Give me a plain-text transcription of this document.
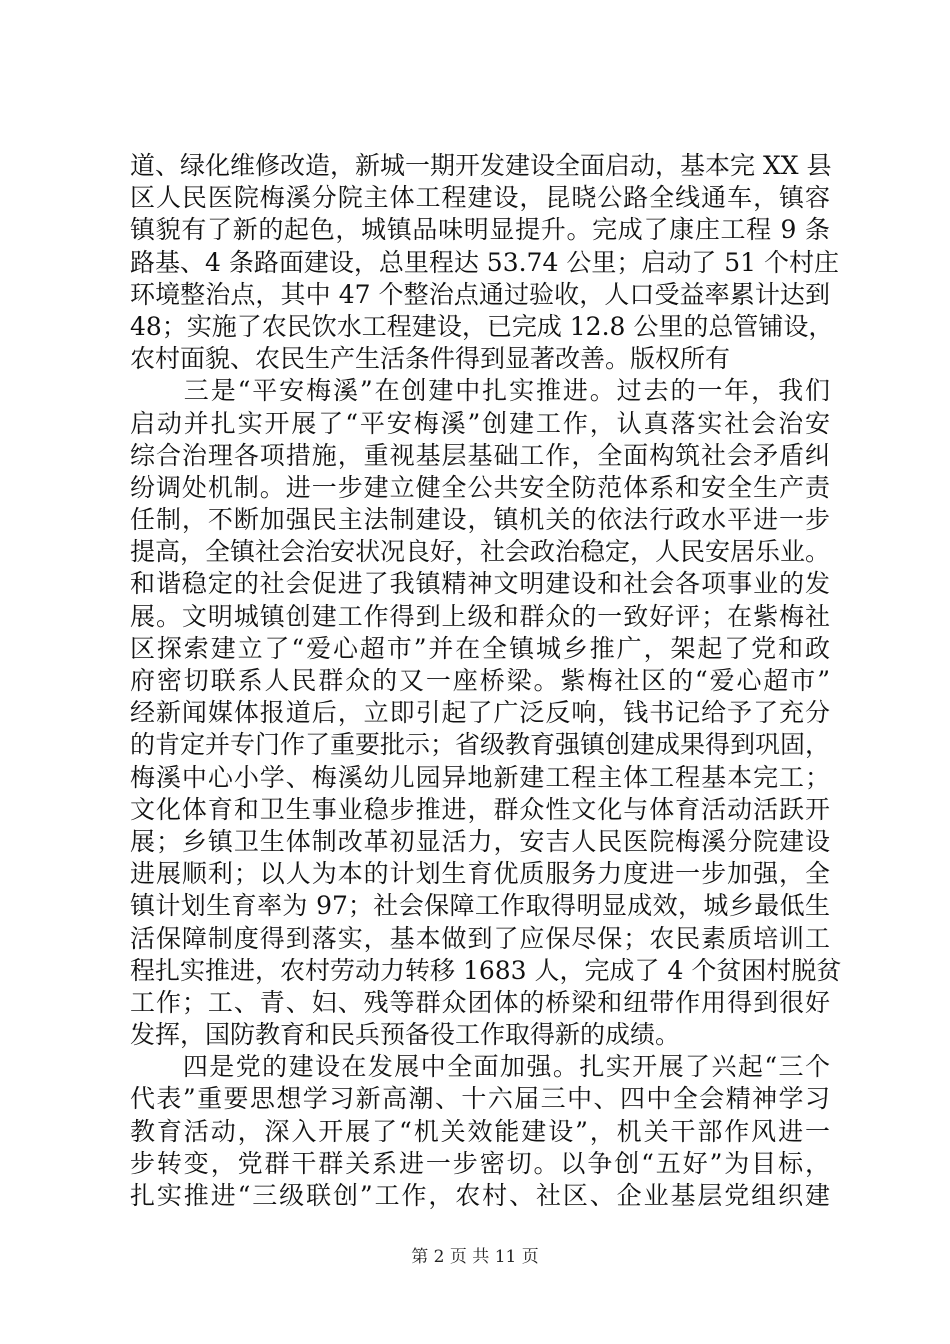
道、绿化维修改造，新城一期开发建设全面启动，基本完 XX 县
区人民医院梅溪分院主体工程建设，昆晓公路全线通车，镇容
镇貌有了新的起色，城镇品味明显提升。完成了康庄工程 9 条
路基、4 条路面建设，总里程达 53.74 公里；启动了 51 个村庄
环境整治点，其中 47 个整治点通过验收，人口受益率累计达到
48；实施了农民饮水工程建设，已完成 12.8 公里的总管铺设，
农村面貌、农民生产生活条件得到显著改善。版权所有
　　三是“平安梅溪”在创建中扎实推进。过去的一年，我们
启动并扎实开展了“平安梅溪”创建工作，认真落实社会治安
综合治理各项措施，重视基层基础工作，全面构筑社会矛盾纠
纷调处机制。进一步建立健全公共安全防范体系和安全生产责
任制，不断加强民主法制建设，镇机关的依法行政水平进一步
提高，全镇社会治安状况良好，社会政治稳定，人民安居乐业。
和谐稳定的社会促进了我镇精神文明建设和社会各项事业的发
展。文明城镇创建工作得到上级和群众的一致好评；在紫梅社
区探索建立了“爱心超市”并在全镇城乡推广，架起了党和政
府密切联系人民群众的又一座桥梁。紫梅社区的“爱心超市”
经新闻媒体报道后，立即引起了广泛反响，钱书记给予了充分
的肯定并专门作了重要批示；省级教育强镇创建成果得到巩固，
梅溪中心小学、梅溪幼儿园异地新建工程主体工程基本完工；
文化体育和卫生事业稳步推进，群众性文化与体育活动活跃开
展；乡镇卫生体制改革初显活力，安吉人民医院梅溪分院建设
进展顺利；以人为本的计划生育优质服务力度进一步加强，全
镇计划生育率为 97；社会保障工作取得明显成效，城乡最低生
活保障制度得到落实，基本做到了应保尽保；农民素质培训工
程扎实推进，农村劳动力转移 1683 人，完成了 4 个贫困村脱贫
工作；工、青、妇、残等群众团体的桥梁和纽带作用得到很好
发挥，国防教育和民兵预备役工作取得新的成绩。
　　四是党的建设在发展中全面加强。扎实开展了兴起“三个
代表”重要思想学习新高潮、十六届三中、四中全会精神学习
教育活动，深入开展了“机关效能建设”，机关干部作风进一
步转变，党群干群关系进一步密切。以争创“五好”为目标，
扎实推进“三级联创”工作，农村、社区、企业基层党组织建
第 2 页 共 11 页
